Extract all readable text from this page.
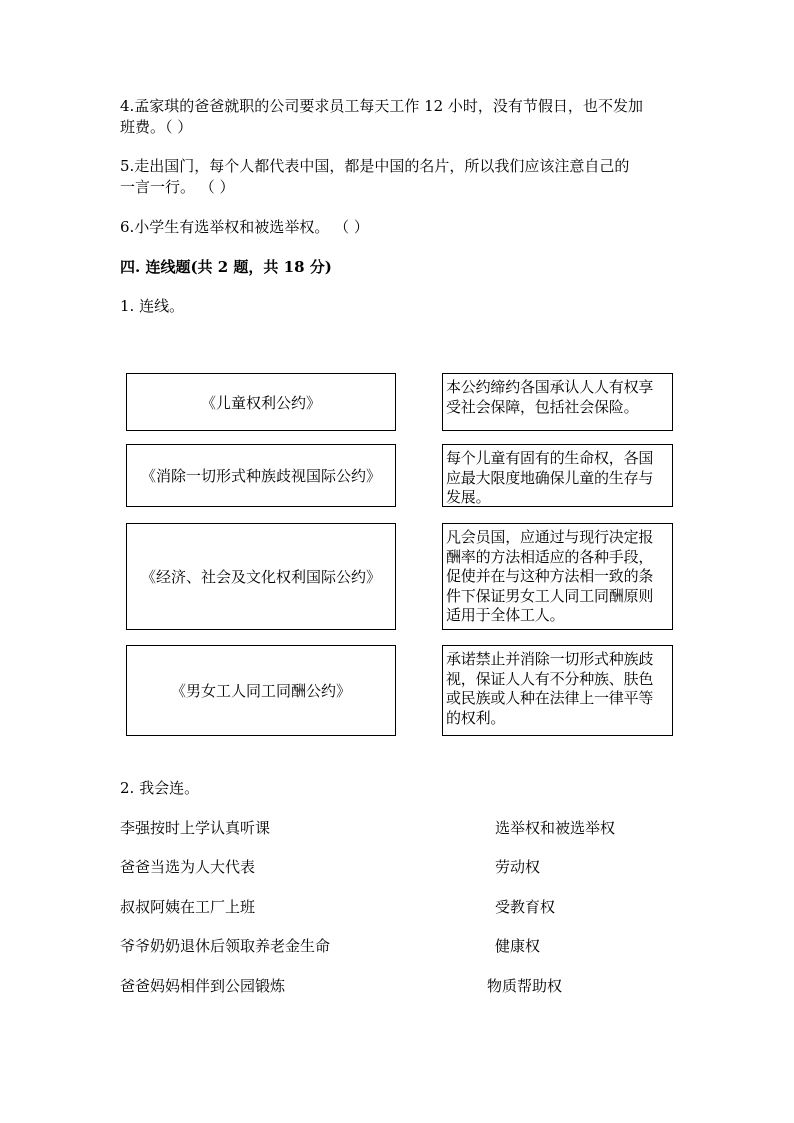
4.孟家琪的爸爸就职的公司要求员工每天工作 12 小时，没有节假日，也不发加
班费。（ ）
5.走出国门，每个人都代表中国，都是中国的名片，所以我们应该注意自己的
一言一行。 （ ）
6.小学生有选举权和被选举权。 （ ）
四. 连线题(共 2 题，共 18 分)
1. 连线。
《儿童权利公约》
《消除一切形式种族歧视国际公约》
《经济、社会及文化权利国际公约》
《男女工人同工同酬公约》
本公约缔约各国承认人人有权享
受社会保障，包括社会保险。
每个儿童有固有的生命权，各国
应最大限度地确保儿童的生存与
发展。
凡会员国，应通过与现行决定报
酬率的方法相适应的各种手段，
促使并在与这种方法相一致的条
件下保证男女工人同工同酬原则
适用于全体工人。
承诺禁止并消除一切形式种族歧
视，保证人人有不分种族、肤色
或民族或人种在法律上一律平等
的权利。
2. 我会连。
李强按时上学认真听课
爸爸当选为人大代表
叔叔阿姨在工厂上班
爷爷奶奶退休后领取养老金生命
爸爸妈妈相伴到公园锻炼
选举权和被选举权
劳动权
受教育权
健康权
物质帮助权
